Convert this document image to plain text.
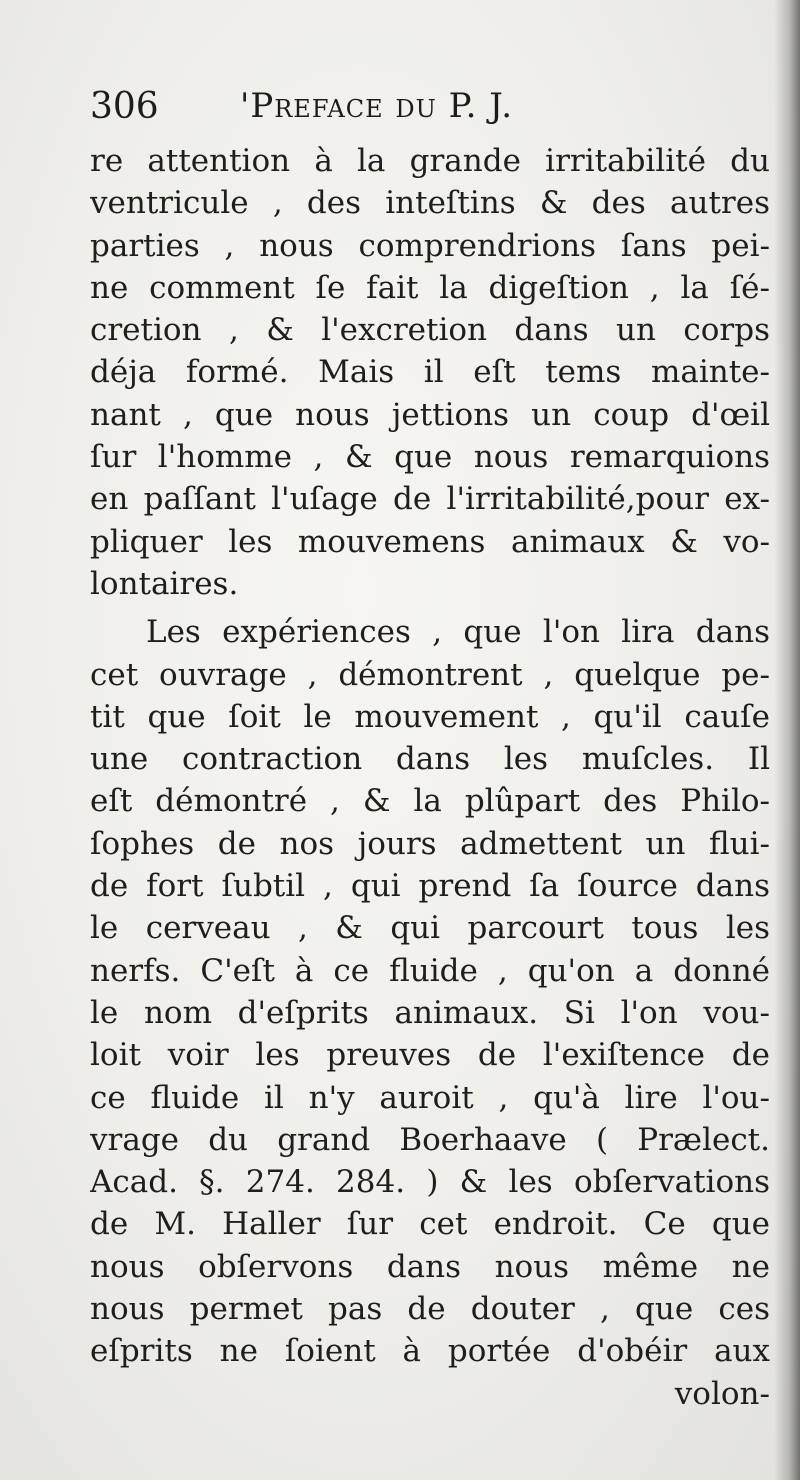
306 'Preface du P. J.
re attention à la grande irritabilité du
ventricule , des inteſtins & des autres
parties , nous comprendrions ſans pei-
ne comment ſe fait la digeſtion , la ſé-
cretion , & l'excretion dans un corps
déja formé. Mais il eſt tems mainte-
nant , que nous jettions un coup d'œil
ſur l'homme , & que nous remarquions
en paſſant l'uſage de l'irritabilité,pour ex-
pliquer les mouvemens animaux & vo-
lontaires.
Les expériences , que l'on lira dans
cet ouvrage , démontrent , quelque pe-
tit que ſoit le mouvement , qu'il cauſe
une contraction dans les muſcles. Il
eſt démontré , & la plûpart des Philo-
ſophes de nos jours admettent un flui-
de fort ſubtil , qui prend ſa ſource dans
le cerveau , & qui parcourt tous les
nerfs. C'eſt à ce fluide , qu'on a donné
le nom d'eſprits animaux. Si l'on vou-
loit voir les preuves de l'exiſtence de
ce fluide il n'y auroit , qu'à lire l'ou-
vrage du grand Boerhaave ( Prælect.
Acad. §. 274. 284. ) & les obſervations
de M. Haller ſur cet endroit. Ce que
nous obſervons dans nous même ne
nous permet pas de douter , que ces
eſprits ne ſoient à portée d'obéir aux
volon-
